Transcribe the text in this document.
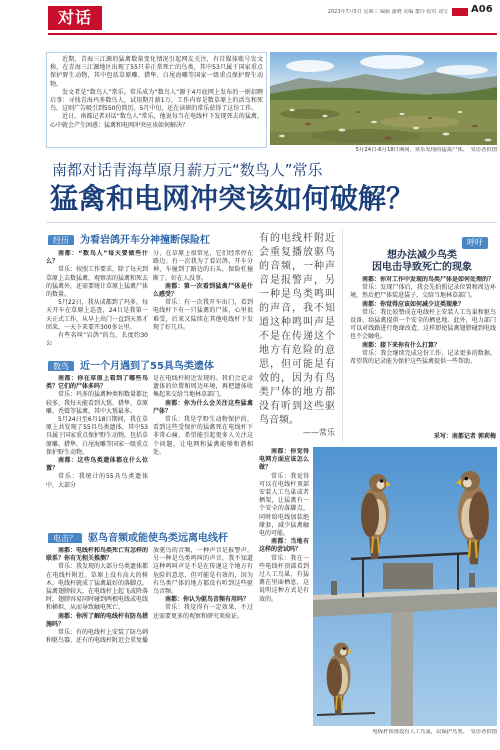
对话	2023年7月5日 星期三 编辑 潘晓 美编 董玲 校对 刘宝 A06

近期，青海三江源的猛禽数量变化情况引起网友关注，有自媒体账号发文称，在青海三江源地区出现了55只非正常死亡的鸟类，其中53只属于国家重点保护野生动物，其中包括草原雕、猎隼、白尾海雕等国家一级重点保护野生动物。

发文者是“数鸟人”常乐。常乐成为“数鸟人”源于4月底网上发布的一则招聘启事：寻找青海玛多数鸟人，试用期月薪1万，工作内容是数草原上的活鸟和死鸟，这则广告吸引到550份简历。5月中旬，还在读研的常乐获得了这份工作。

近日，南都记者对话“数鸟人”常乐，他说每当在电线杆下发现死去的猛禽，心中就会产生困惑：猛禽和电网冲突应该如何解决？

5月24日-6月18日期间，常乐发现的猛禽尸体。　 受访者供图
南都对话青海草原月薪万元“数鸟人”常乐
猛禽和电网冲突该如何破解？
经历 为看岩鸽开车分神撞断保险杠

南都：“数鸟人”每天要做些什么？

常乐：按照工作要求，除了每天到草原上去数猛禽，观察活的猛禽和死去的猛禽外，还需要统计草原上猛禽尸体的数量。

5月22日，我从成都到了玛多，每天开车在草原上巡查，24日是我第一天正式工作，从早上出门一直到天黑才回来，一天下来要开300多公里。

有些名叫“岩鸽”的鸟，长度约30公

分，在草原上很常见，它们经常停在路边。有一次我为了看岩鸽，开车分神，车撞到了路边的石头，保险杠撞断了，好在人没事。

南都：第一次看到猛禽尸体是什么感受？

常乐：有一次我开车出门，看到电线杆下有一只猛禽的尸体，心里很难受，后来又陆续在其他电线杆下发现了好几具。

数鸟 近一个月遇到了55具鸟类遗体

南都：你在草原上看到了哪些鸟类？它们的尸体多吗？

常乐：玛多的猛禽种类和数量都比较多，我每天能看到大鵟、猎隼、草原雕、秃鹫等猛禽，其中大鵟最多。

5月24日至6月18日期间，我在草原上共发现了55具鸟类遗体，其中53具属于国家重点保护野生动物，包括草原雕、猎隼、白尾海雕等国家一级重点保护野生动物。

南都：这些鸟类遗体都在什么位置？

常乐：我统计的55具鸟类遗体中，大部分

是在电线杆附近发现的。我们会记录遗体的位置和周边环境，再把遗体收集起来交给当地林草部门。

南都：你为什么会关注这些猛禽尸体？

常乐：我是学野生动物保护的，看到这些受保护的猛禽死在电线杆下非常心痛，希望能引起更多人关注这个问题，让电网和猛禽能够和谐相处。

电击？ 驱鸟音频或能使鸟类远离电线杆

南都：电线杆和鸟类死亡有怎样的联系？你有无相关推测？

常乐：我发现的大部分鸟类遗体都在电线杆附近。草原上没有高大的树木，电线杆就成了猛禽最好的落脚点。猛禽翅膀较大，在电线杆上起飞或降落时，翅膀容易同时碰到两根电线或电线和横担，从而导致触电死亡。

南都：你所了解的电线杆有防鸟措施吗？

常乐：有的电线杆上安装了防鸟刺和驱鸟器，还有的电线杆附近会重复播

放驱鸟的音频，一种声音是报警声，另一种是鸟类鸣叫的声音，我不知道这种鸣叫声是不是在传递这个地方有危险的意思，但可能是有效的，因为有鸟类尸体的地方都没有听到这些驱鸟音频。

南都：你认为驱鸟音频有用吗？

常乐：我觉得有一定效果，不过还需要更多的观察和研究来验证。

有的电线杆附近会重复播放驱鸟的音频，一种声音是报警声，另一种是鸟类鸣叫的声音，我不知道这种鸣叫声是不是在传递这个地方有危险的意思，但可能是有效的，因为有鸟类尸体的地方都没有听到这些驱鸟音频。
——常乐

南都：你觉得电网方面应该怎么做？

常乐：我觉得可以在电线杆顶部安装人工鸟巢或者栖架，让猛禽有一个安全的落脚点，同时给电线加装绝缘套，减少猛禽触电的可能。

南都：当地有这样的尝试吗？

常乐：我在一些电线杆顶部看到过人工鸟巢，有猛禽在里面栖息，这说明这种方式是有效的。

呼吁
想办法减少鸟类
因电击导致死亡的现象

南都：你对工作中发现的鸟类尸体是如何处理的？

常乐：发现尸体后，我会先拍照记录位置和周边环境，然后把尸体装进袋子，交给当地林草部门。

南都：你觉得应该如何减少这类现象？

常乐：我比较赞成在电线杆上安装人工鸟巢和驱鸟设备，给猛禽提供一个安全的栖息地。此外，电力部门可以对线路进行绝缘改造，这样即使猛禽翅膀碰到电线也不会触电。

南都：接下来你有什么打算？

常乐：我会继续完成这份工作，记录更多的数据，希望我的记录能为保护这些猛禽提供一些帮助。

采写：南都记者 郭莉梅
电线杆顶部设有人工鸟巢，以保护鸟类。　 受访者供图
